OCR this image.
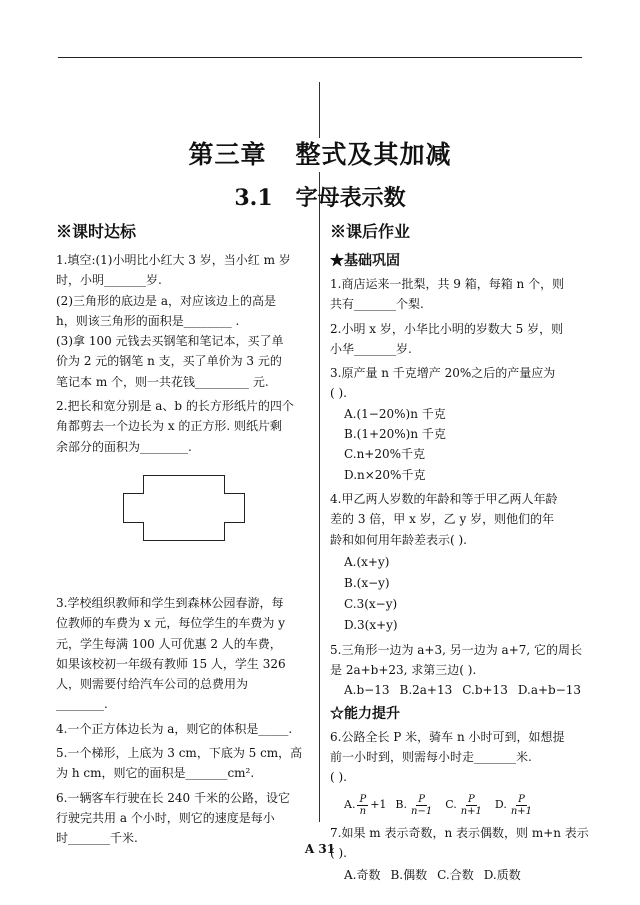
第三章   整式及其加减
3.1   字母表示数
※课时达标
1.填空:(1)小明比小红大 3 岁，当小红 m 岁
时，小明_______岁.
(2)三角形的底边是 a，对应该边上的高是
h，则该三角形的面积是________ .
(3)拿 100 元钱去买钢笔和笔记本，买了单
价为 2 元的钢笔 n 支，买了单价为 3 元的
笔记本 m 个，则一共花钱_________ 元.
2.把长和宽分别是 a、b 的长方形纸片的四个
角都剪去一个边长为 x 的正方形. 则纸片剩
余部分的面积为________.
3.学校组织教师和学生到森林公园春游，每
位教师的车费为 x 元，每位学生的车费为 y
元，学生每满 100 人可优惠 2 人的车费，
如果该校初一年级有教师 15 人，学生 326
人，则需要付给汽车公司的总费用为
________.
4.一个正方体边长为 a，则它的体积是_____.
5.一个梯形，上底为 3 cm，下底为 5 cm，高
为 h cm，则它的面积是_______cm².
6.一辆客车行驶在长 240 千米的公路，设它
行驶完共用 a 个小时，则它的速度是每小
时_______千米.
※课后作业
★基础巩固
1.商店运来一批梨，共 9 箱，每箱 n 个，则
共有_______个梨.
2.小明 x 岁，小华比小明的岁数大 5 岁，则
小华_______岁.
3.原产量 n 千克增产 20%之后的产量应为
( ).
A.(1−20%)n 千克
B.(1+20%)n 千克
C.n+20%千克
D.n×20%千克
4.甲乙两人岁数的年龄和等于甲乙两人年龄
差的 3 倍，甲 x 岁，乙 y 岁，则他们的年
龄和如何用年龄差表示( ).
A.(x+y)
B.(x−y)
C.3(x−y)
D.3(x+y)
5.三角形一边为 a+3, 另一边为 a+7, 它的周长
是 2a+b+23, 求第三边( ).
A.b−13 B.2a+13 C.b+13 D.a+b−13
☆能力提升
6.公路全长 P 米，骑车 n 小时可到，如想提
前一小时到，则需每小时走_______米.
( ).
A. $\frac{P}{n} +1$ B. $\frac{P}{n-1} C$. $\frac{P}{n+1} D$. $\frac{P}{n+1}$
7.如果 m 表示奇数，n 表示偶数，则 m+n 表示
( ).
A.奇数 B.偶数 C.合数 D.质数
A 31
